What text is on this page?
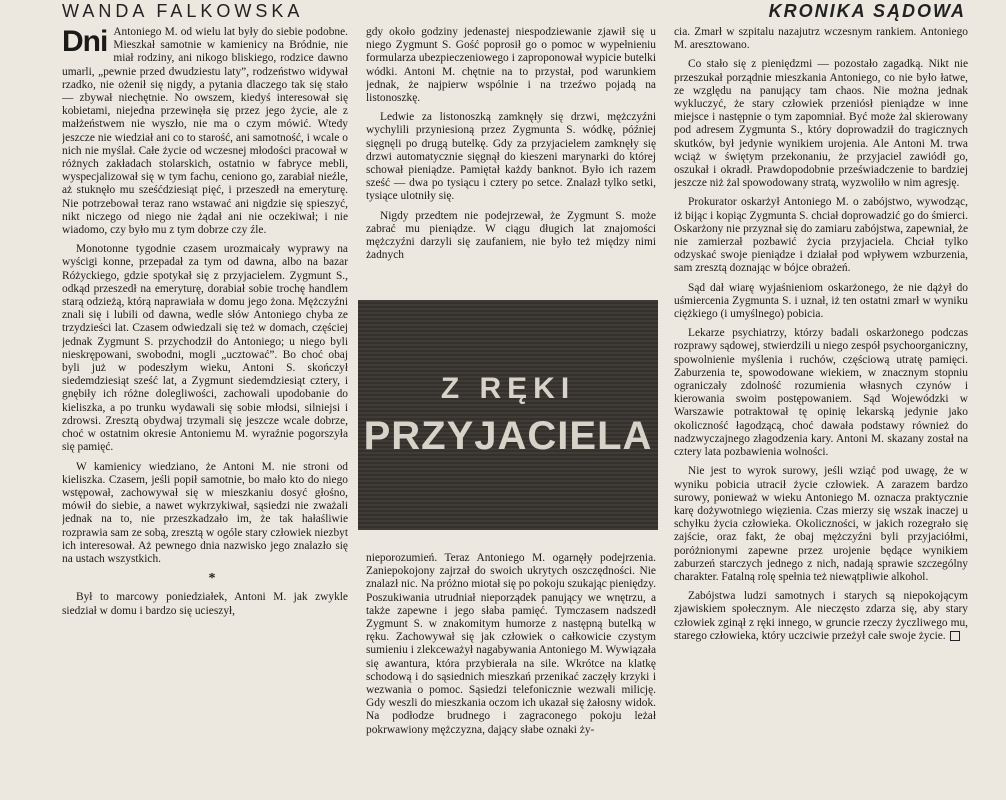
WANDA FALKOWSKA	KRONIKA SĄDOWA

Dni Antoniego M. od wielu lat były do siebie podobne. Mieszkał samotnie w kamienicy na Bródnie, nie miał rodziny, ani nikogo bliskiego, rodzice dawno umarli, „pewnie przed dwudziestu laty”, rodzeństwo widywał rzadko, nie ożenił się nigdy, a pytania dlaczego tak się stało — zbywał niechętnie. No owszem, kiedyś interesował się kobietami, niejedna przewinęła się przez jego życie, ale z małżeństwem nie wyszło, nie ma o czym mówić. Wtedy jeszcze nie wiedział ani co to starość, ani samotność, i wcale o nich nie myślał. Całe życie od wczesnej młodości pracował w różnych zakładach stolarskich, ostatnio w fabryce mebli, wyspecjalizował się w tym fachu, ceniono go, zarabiał nieźle, aż stuknęło mu sześćdziesiąt pięć, i przeszedł na emeryturę. Nie potrzebował teraz rano wstawać ani nigdzie się spieszyć, nikt niczego od niego nie żądał ani nie oczekiwał; i nie wiadomo, czy było mu z tym dobrze czy źle.

Monotonne tygodnie czasem urozmaicały wyprawy na wyścigi konne, przepadał za tym od dawna, albo na bazar Różyckiego, gdzie spotykał się z przyjacielem. Zygmunt S., odkąd przeszedł na emeryturę, dorabiał sobie trochę handlem starą odzieżą, którą naprawiała w domu jego żona. Mężczyźni znali się i lubili od dawna, wedle słów Antoniego chyba ze trzydzieści lat. Czasem odwiedzali się też w domach, częściej jednak Zygmunt S. przychodził do Antoniego; u niego byli nieskrępowani, swobodni, mogli „ucztować”. Bo choć obaj byli już w podeszłym wieku, Antoni S. skończył siedemdziesiąt sześć lat, a Zygmunt siedemdziesiąt cztery, i gnębiły ich różne dolegliwości, zachowali upodobanie do kieliszka, a po trunku wydawali się sobie młodsi, silniejsi i zdrowsi. Zresztą obydwaj trzymali się jeszcze wcale dobrze, choć w ostatnim okresie Antoniemu M. wyraźnie pogorszyła się pamięć.

W kamienicy wiedziano, że Antoni M. nie stroni od kieliszka. Czasem, jeśli popił samotnie, bo mało kto do niego wstępował, zachowywał się w mieszkaniu dosyć głośno, mówił do siebie, a nawet wykrzykiwał, sąsiedzi nie zważali jednak na to, nie przeszkadzało im, że tak hałaśliwie rozprawia sam ze sobą, zresztą w ogóle stary człowiek niezbyt ich interesował. Aż pewnego dnia nazwisko jego znalazło się na ustach wszystkich.

*

Był to marcowy poniedziałek, Antoni M. jak zwykle siedział w domu i bardzo się ucieszył,

gdy około godziny jedenastej niespodziewanie zjawił się u niego Zygmunt S. Gość poprosił go o pomoc w wypełnieniu formularza ubezpieczeniowego i zaproponował wypicie butelki wódki. Antoni M. chętnie na to przystał, pod warunkiem jednak, że najpierw wspólnie i na trzeźwo pojadą na listonoszkę.

Ledwie za listonoszką zamknęły się drzwi, mężczyźni wychylili przyniesioną przez Zygmunta S. wódkę, później sięgnęli po drugą butelkę. Gdy za przyjacielem zamknęły się drzwi automatycznie sięgnął do kieszeni marynarki do której schował pieniądze. Pamiętał każdy banknot. Było ich razem sześć — dwa po tysiącu i cztery po setce. Znalazł tylko setki, tysiące ulotniły się.

Nigdy przedtem nie podejrzewał, że Zygmunt S. może zabrać mu pieniądze. W ciągu długich lat znajomości mężczyźni darzyli się zaufaniem, nie było też między nimi żadnych

Z RĘKI
PRZYJACIELA

nieporozumień. Teraz Antoniego M. ogarnęły podejrzenia. Zaniepokojony zajrzał do swoich ukrytych oszczędności. Nie znalazł nic. Na próżno miotał się po pokoju szukając pieniędzy. Poszukiwania utrudniał nieporządek panujący we wnętrzu, a także zapewne i jego słaba pamięć. Tymczasem nadszedł Zygmunt S. w znakomitym humorze z następną butelką w ręku. Zachowywał się jak człowiek o całkowicie czystym sumieniu i zlekceważył nagabywania Antoniego M. Wywiązała się awantura, która przybierała na sile. Wkrótce na klatkę schodową i do sąsiednich mieszkań przenikać zaczęły krzyki i wezwania o pomoc. Sąsiedzi telefonicznie wezwali milicję. Gdy weszli do mieszkania oczom ich ukazał się żałosny widok. Na podłodze brudnego i zagraconego pokoju leżał pokrwawiony mężczyzna, dający słabe oznaki ży-

cia. Zmarł w szpitalu nazajutrz wczesnym rankiem. Antoniego M. aresztowano.

Co stało się z pieniędzmi — pozostało zagadką. Nikt nie przeszukał porządnie mieszkania Antoniego, co nie było łatwe, ze względu na panujący tam chaos. Nie można jednak wykluczyć, że stary człowiek przeniósł pieniądze w inne miejsce i następnie o tym zapomniał. Być może żal skierowany pod adresem Zygmunta S., który doprowadził do tragicznych skutków, był jedynie wynikiem urojenia. Ale Antoni M. trwa wciąż w świętym przekonaniu, że przyjaciel zawiódł go, oszukał i okradł. Prawdopodobnie przeświadczenie to bardziej jeszcze niż żal spowodowany stratą, wyzwoliło w nim agresję.

Prokurator oskarżył Antoniego M. o zabójstwo, wywodząc, iż bijąc i kopiąc Zygmunta S. chciał doprowadzić go do śmierci. Oskarżony nie przyznał się do zamiaru zabójstwa, zapewniał, że nie zamierzał pozbawić życia przyjaciela. Chciał tylko odzyskać swoje pieniądze i działał pod wpływem wzburzenia, sam zresztą doznając w bójce obrażeń.

Sąd dał wiarę wyjaśnieniom oskarżonego, że nie dążył do uśmiercenia Zygmunta S. i uznał, iż ten ostatni zmarł w wyniku ciężkiego (i umyślnego) pobicia.

Lekarze psychiatrzy, którzy badali oskarżonego podczas rozprawy sądowej, stwierdzili u niego zespół psychoorganiczny, spowolnienie myślenia i ruchów, częściową utratę pamięci. Zaburzenia te, spowodowane wiekiem, w znacznym stopniu ograniczały zdolność rozumienia własnych czynów i kierowania swoim postępowaniem. Sąd Wojewódzki w Warszawie potraktował tę opinię lekarską jedynie jako okoliczność łagodzącą, choć dawała podstawy również do nadzwyczajnego złagodzenia kary. Antoni M. skazany został na cztery lata pozbawienia wolności.

Nie jest to wyrok surowy, jeśli wziąć pod uwagę, że w wyniku pobicia utracił życie człowiek. A zarazem bardzo surowy, ponieważ w wieku Antoniego M. oznacza praktycznie karę dożywotniego więzienia. Czas mierzy się wszak inaczej u schyłku życia człowieka. Okoliczności, w jakich rozegrało się zajście, oraz fakt, że obaj mężczyźni byli przyjaciółmi, poróżnionymi zapewne przez urojenie będące wynikiem zaburzeń starczych jednego z nich, nadają sprawie szczególny charakter. Fatalną rolę spełnia też niewątpliwie alkohol.

Zabójstwa ludzi samotnych i starych są niepokojącym zjawiskiem społecznym. Ale nieczęsto zdarza się, aby stary człowiek zginął z ręki innego, w gruncie rzeczy życzliwego mu, starego człowieka, który uczciwie przeżył całe swoje życie.
